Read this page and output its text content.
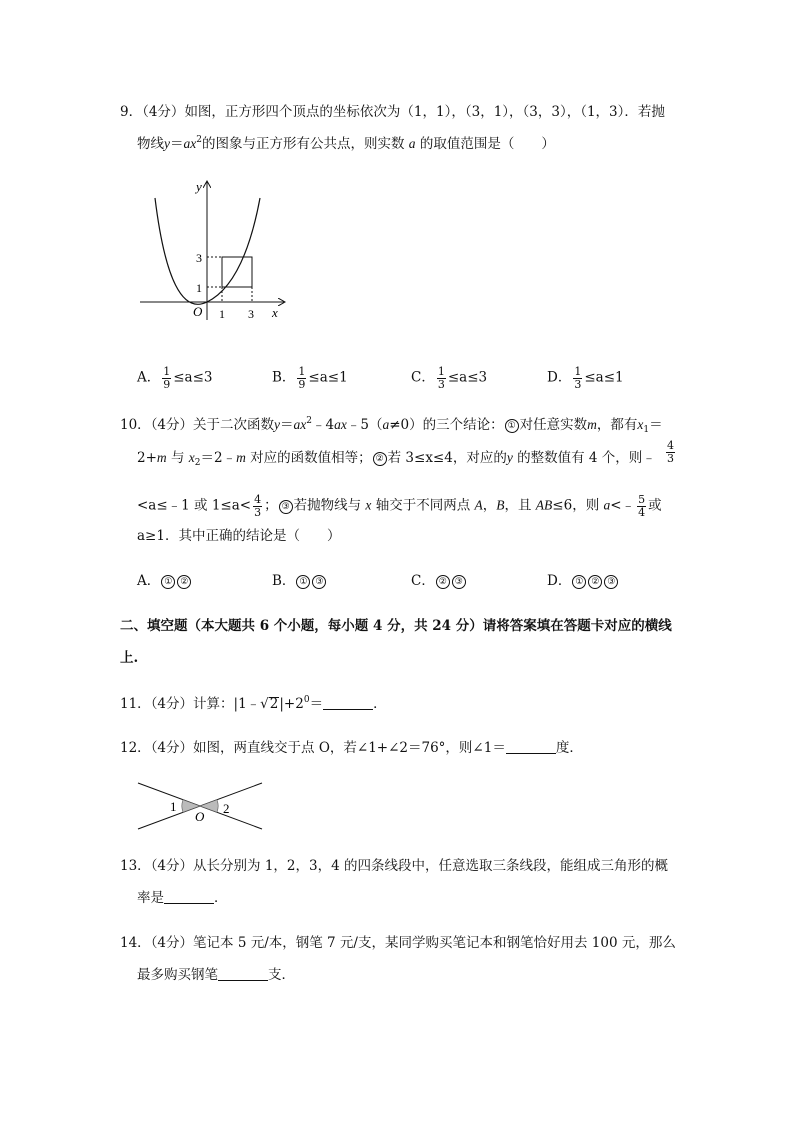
9．（4分）如图，正方形四个顶点的坐标依次为（1，1），（3，1），（3，3），（1，3）．若抛
物线$y=ax^2$的图象与正方形有公共点，则实数 a 的取值范围是（　　）
y
x
O 1 3
3
1
A． $\frac{1}{9} \le a\le 3$	B． $\frac{1}{9} \le a\le 1$	C． $\frac{1}{3} \le a\le 3$	D． $\frac{1}{3} \le a\le 1$
10．（4分）关于二次函数$y=ax^2﹣4ax﹣5(a\ne 0)$的三个结论： ① 对任意实数m，都有$x_1=$
2+m 与 $x_2=2﹣m$ 对应的函数值相等； ② 若 3≤x≤4，对应的y 的整数值有 4 个，则﹣ $\frac{4}{3}$
<a≤﹣1 或 $1\le a< \frac{4}{3}$ ； ③ 若抛物线与 x 轴交于不同两点 A，B，且 AB≤6，则 a<﹣ $\frac{5}{4}$ 或
a≥1．其中正确的结论是（　　）
A． ① ②	B． ① ③	C． ② ③	D． ① ② ③
二、填空题（本大题共 6 个小题，每小题 4 分，共 24 分）请将答案填在答题卡对应的横线
上.
11．（4分）计算：$|1﹣√2|+2^0=$	．
12．（4分）如图，两直线交于点 O，若∠1+∠2＝76°，则∠1＝	度．
1	2
O
13．（4分）从长分别为 1，2，3，4 的四条线段中，任意选取三条线段，能组成三角形的概
率是	．
14．（4分）笔记本 5 元/本，钢笔 7 元/支，某同学购买笔记本和钢笔恰好用去 100 元，那么
最多购买钢笔	支．
